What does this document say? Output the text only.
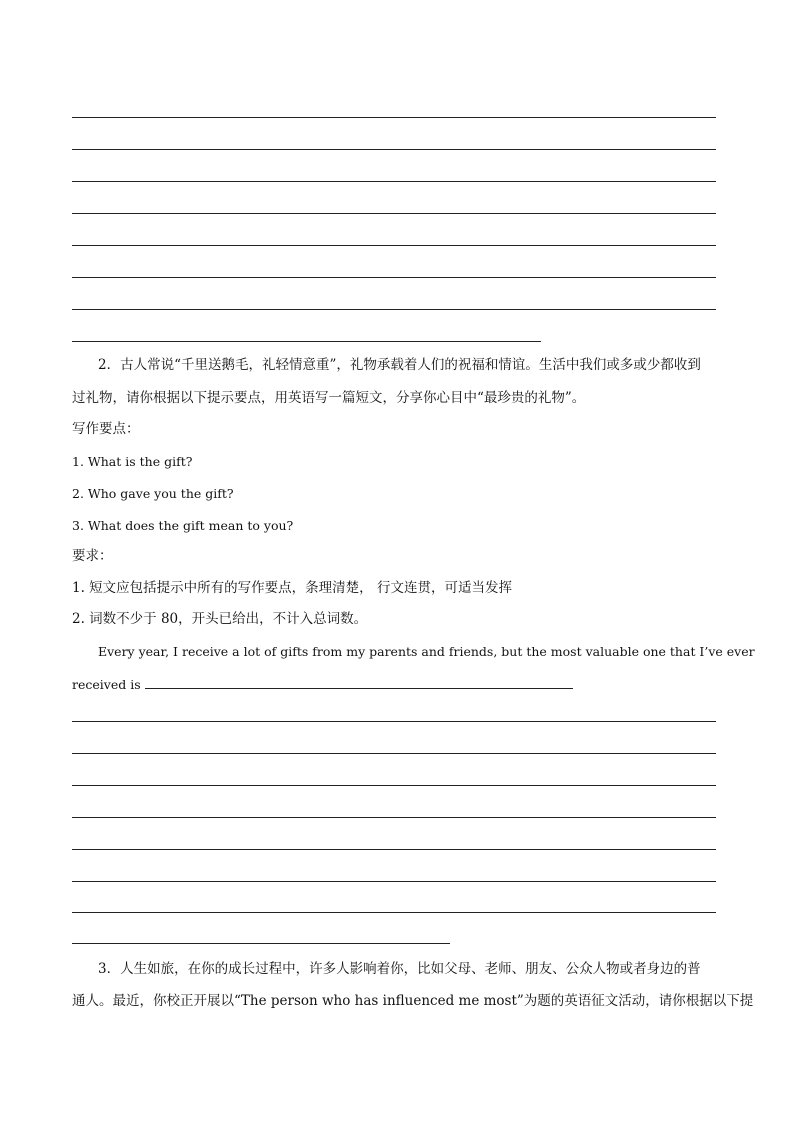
2．古人常说“千里送鹅毛，礼轻情意重”，礼物承载着人们的祝福和情谊。生活中我们或多或少都收到
过礼物，请你根据以下提示要点，用英语写一篇短文，分享你心目中“最珍贵的礼物”。
写作要点：
1. What is the gift?
2. Who gave you the gift?
3. What does the gift mean to you?
要求：
1. 短文应包括提示中所有的写作要点，条理清楚， 行文连贯，可适当发挥
2. 词数不少于 80，开头已给出，不计入总词数。
Every year, I receive a lot of gifts from my parents and friends, but the most valuable one that I’ve ever
received is
3．人生如旅，在你的成长过程中，许多人影响着你，比如父母、老师、朋友、公众人物或者身边的普
通人。最近，你校正开展以“The person who has influenced me most”为题的英语征文活动，请你根据以下提
